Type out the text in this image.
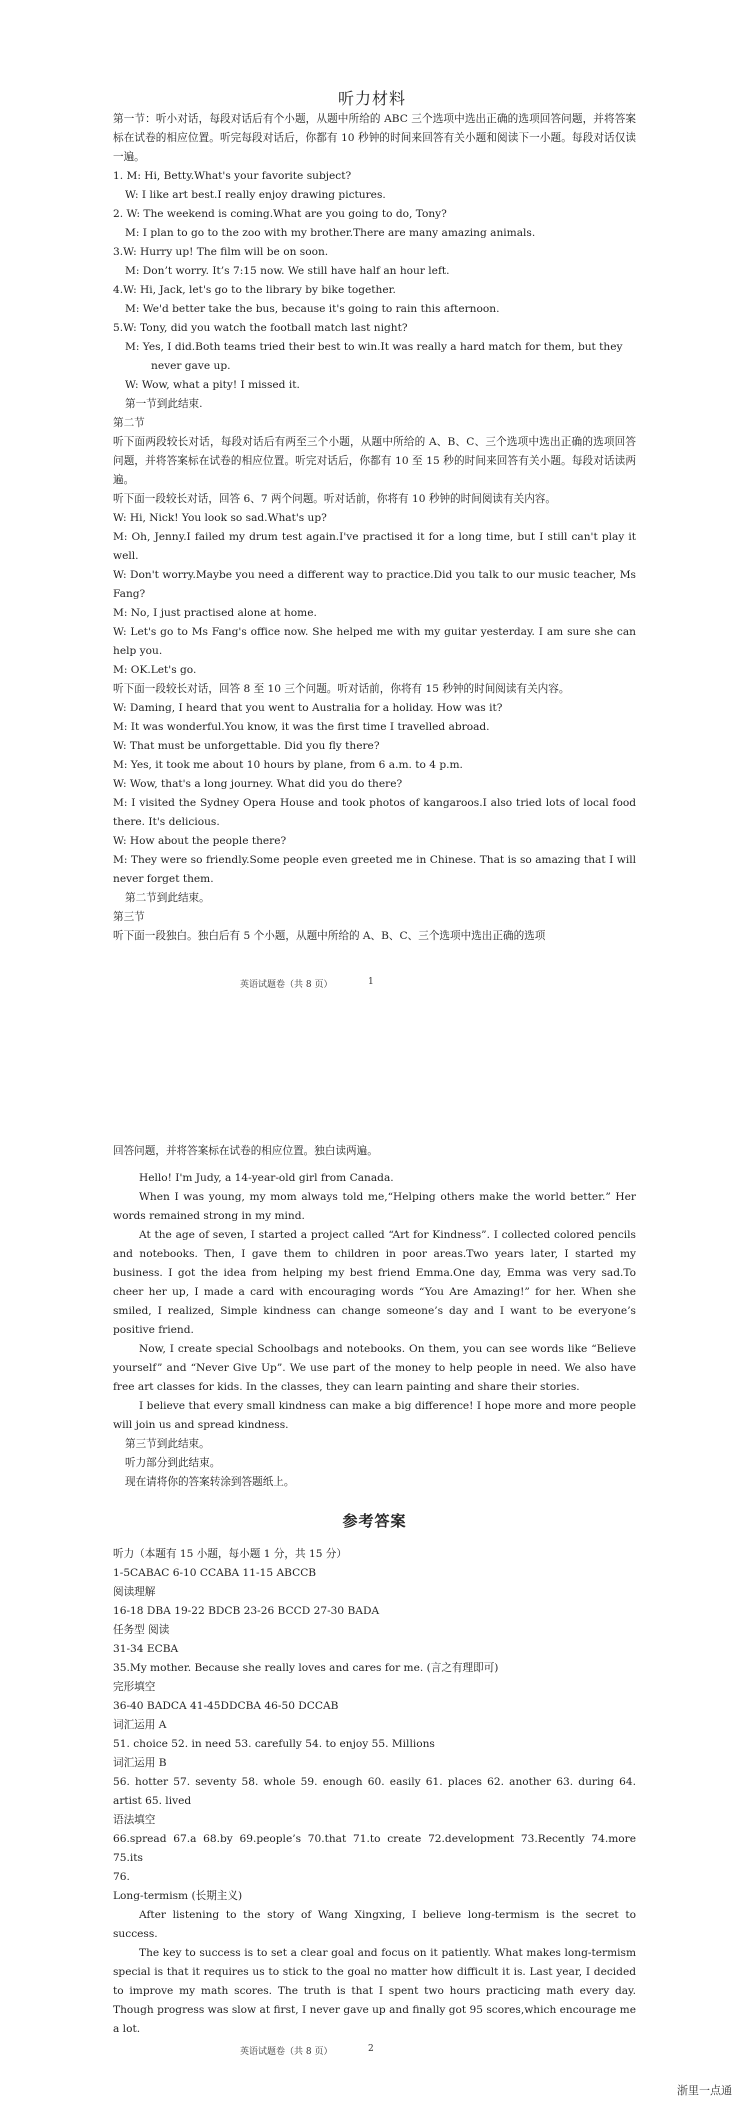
听力材料
第一节：听小对话，每段对话后有个小题，从题中所给的 ABC 三个选项中选出正确的选项回答问题，并将答案标在试卷的相应位置。听完每段对话后，你都有 10 秒钟的时间来回答有关小题和阅读下一小题。每段对话仅读一遍。
1. M: Hi, Betty.What's your favorite subject?
W: I like art best.I really enjoy drawing pictures.
2. W: The weekend is coming.What are you going to do, Tony?
M: I plan to go to the zoo with my brother.There are many amazing animals.
3.W: Hurry up! The film will be on soon.
M: Don’t worry. It’s 7:15 now. We still have half an hour left.
4.W: Hi, Jack, let's go to the library by bike together.
M: We'd better take the bus, because it's going to rain this afternoon.
5.W: Tony, did you watch the football match last night?
M: Yes, I did.Both teams tried their best to win.It was really a hard match for them, but they
never gave up.
W: Wow, what a pity! I missed it.
第一节到此结束.
第二节
听下面两段较长对话，每段对话后有两至三个小题，从题中所给的 A、B、C、三个选项中选出正确的选项回答问题，并将答案标在试卷的相应位置。听完对话后，你都有 10 至 15 秒的时间来回答有关小题。每段对话读两遍。
听下面一段较长对话，回答 6、7 两个问题。听对话前，你将有 10 秒钟的时间阅读有关内容。
W: Hi, Nick! You look so sad.What's up?
M: Oh, Jenny.I failed my drum test again.I've practised it for a long time, but I still can't play it well.
W: Don't worry.Maybe you need a different way to practice.Did you talk to our music teacher, Ms Fang?
M: No, I just practised alone at home.
W: Let's go to Ms Fang's office now. She helped me with my guitar yesterday. I am sure she can help you.
M: OK.Let's go.
听下面一段较长对话，回答 8 至 10 三个问题。听对话前，你将有 15 秒钟的时间阅读有关内容。
W: Daming, I heard that you went to Australia for a holiday. How was it?
M: It was wonderful.You know, it was the first time I travelled abroad.
W: That must be unforgettable. Did you fly there?
M: Yes, it took me about 10 hours by plane, from 6 a.m. to 4 p.m.
W: Wow, that's a long journey. What did you do there?
M: I visited the Sydney Opera House and took photos of kangaroos.I also tried lots of local food there. It's delicious.
W: How about the people there?
M: They were so friendly.Some people even greeted me in Chinese. That is so amazing that I will never forget them.
第二节到此结束。
第三节
听下面一段独白。独白后有 5 个小题，从题中所给的 A、B、C、三个选项中选出正确的选项
英语试题卷（共 8 页）	1
英语试题卷（共 8 页）	2
回答问题，并将答案标在试卷的相应位置。独白读两遍。
Hello! I'm Judy, a 14-year-old girl from Canada.
When I was young, my mom always told me,“Helping others make the world better.” Her words remained strong in my mind.
At the age of seven, I started a project called “Art for Kindness”. I collected colored pencils and notebooks. Then, I gave them to children in poor areas.Two years later, I started my business. I got the idea from helping my best friend Emma.One day, Emma was very sad.To cheer her up, I made a card with encouraging words “You Are Amazing!” for her. When she smiled, I realized, Simple kindness can change someone’s day and I want to be everyone’s positive friend.
Now, I create special Schoolbags and notebooks. On them, you can see words like “Believe yourself” and “Never Give Up”. We use part of the money to help people in need. We also have free art classes for kids. In the classes, they can learn painting and share their stories.
I believe that every small kindness can make a big difference! I hope more and more people will join us and spread kindness.
第三节到此结束。
听力部分到此结束。
现在请将你的答案转涂到答题纸上。
参考答案
听力（本题有 15 小题，每小题 1 分，共 15 分）
1-5CABAC 6-10 CCABA 11-15 ABCCB
阅读理解
16-18 DBA 19-22 BDCB 23-26 BCCD 27-30 BADA
任务型 阅读
31-34 ECBA
35.My mother. Because she really loves and cares for me. (言之有理即可)
完形填空
36-40 BADCA 41-45DDCBA 46-50 DCCAB
词汇运用 A
51. choice 52. in need 53. carefully 54. to enjoy 55. Millions
词汇运用 B
56. hotter 57. seventy 58. whole 59. enough 60. easily 61. places 62. another 63. during 64. artist 65. lived
语法填空
66.spread 67.a 68.by 69.people’s 70.that 71.to create 72.development 73.Recently 74.more 75.its
76.
Long-termism (长期主义)
After listening to the story of Wang Xingxing, I believe long-termism is the secret to success.
The key to success is to set a clear goal and focus on it patiently. What makes long-termism special is that it requires us to stick to the goal no matter how difficult it is. Last year, I decided to improve my math scores. The truth is that I spent two hours practicing math every day. Though progress was slow at first, I never gave up and finally got 95 scores,which encourage me a lot.
浙里一点通
